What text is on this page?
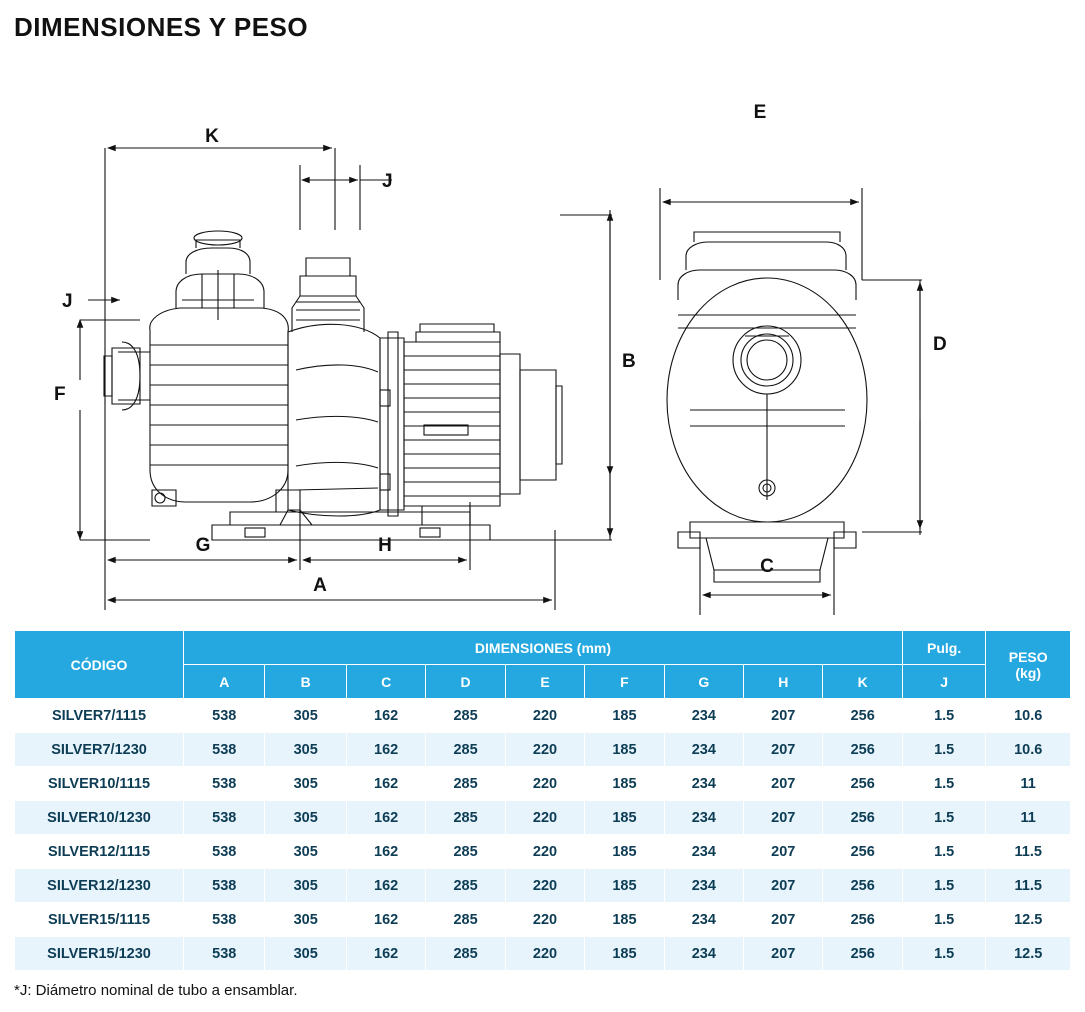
DIMENSIONES Y PESO
K
J
J
B
F
G	H
A
E
D
C
CÓDIGO	DIMENSIONES (mm)									Pulg.	PESO
(kg)

	A	B	C	D	E	F	G	H	K	J	
SILVER7/1115	538	305	162	285	220	185	234	207	256	1.5	10.6
SILVER7/1230	538	305	162	285	220	185	234	207	256	1.5	10.6
SILVER10/1115	538	305	162	285	220	185	234	207	256	1.5	11
SILVER10/1230	538	305	162	285	220	185	234	207	256	1.5	11
SILVER12/1115	538	305	162	285	220	185	234	207	256	1.5	11.5
SILVER12/1230	538	305	162	285	220	185	234	207	256	1.5	11.5
SILVER15/1115	538	305	162	285	220	185	234	207	256	1.5	12.5
SILVER15/1230	538	305	162	285	220	185	234	207	256	1.5	12.5
*J: Diámetro nominal de tubo a ensamblar.
